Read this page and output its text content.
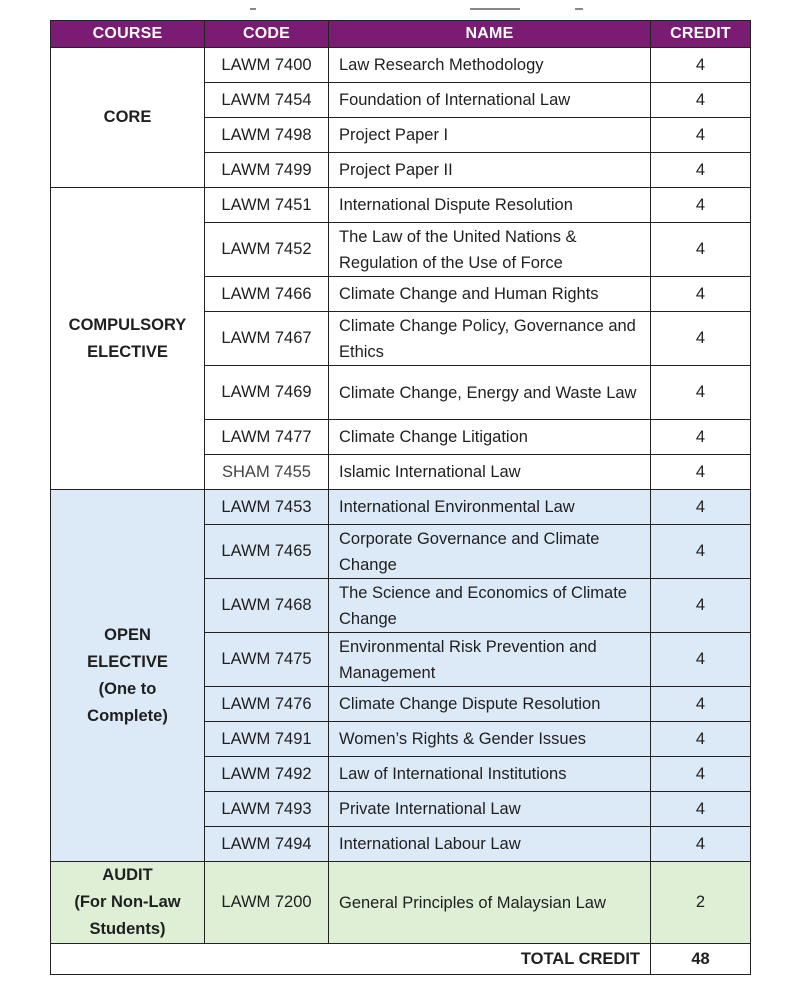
COURSE	CODE	NAME	CREDIT
CORE	LAWM 7400	Law Research Methodology	4
	LAWM 7454	Foundation of International Law	4
	LAWM 7498	Project Paper I	4
	LAWM 7499	Project Paper II	4
COMPULSORY
ELECTIVE	LAWM 7451	International Dispute Resolution	4
	LAWM 7452	The Law of the United Nations & Regulation of the Use of Force	4
	LAWM 7466	Climate Change and Human Rights	4
	LAWM 7467	Climate Change Policy, Governance and Ethics	4
	LAWM 7469	Climate Change, Energy and Waste Law	4
	LAWM 7477	Climate Change Litigation	4
	SHAM 7455	Islamic International Law	4
OPEN
ELECTIVE
(One to
Complete)	LAWM 7453	International Environmental Law	4
	LAWM 7465	Corporate Governance and Climate Change	4
	LAWM 7468	The Science and Economics of Climate Change	4
	LAWM 7475	Environmental Risk Prevention and Management	4
	LAWM 7476	Climate Change Dispute Resolution	4
	LAWM 7491	Women’s Rights & Gender Issues	4
	LAWM 7492	Law of International Institutions	4
	LAWM 7493	Private International Law	4
	LAWM 7494	International Labour Law	4
AUDIT
(For Non-Law
Students)	LAWM 7200	General Principles of Malaysian Law	2
TOTAL CREDIT			48
